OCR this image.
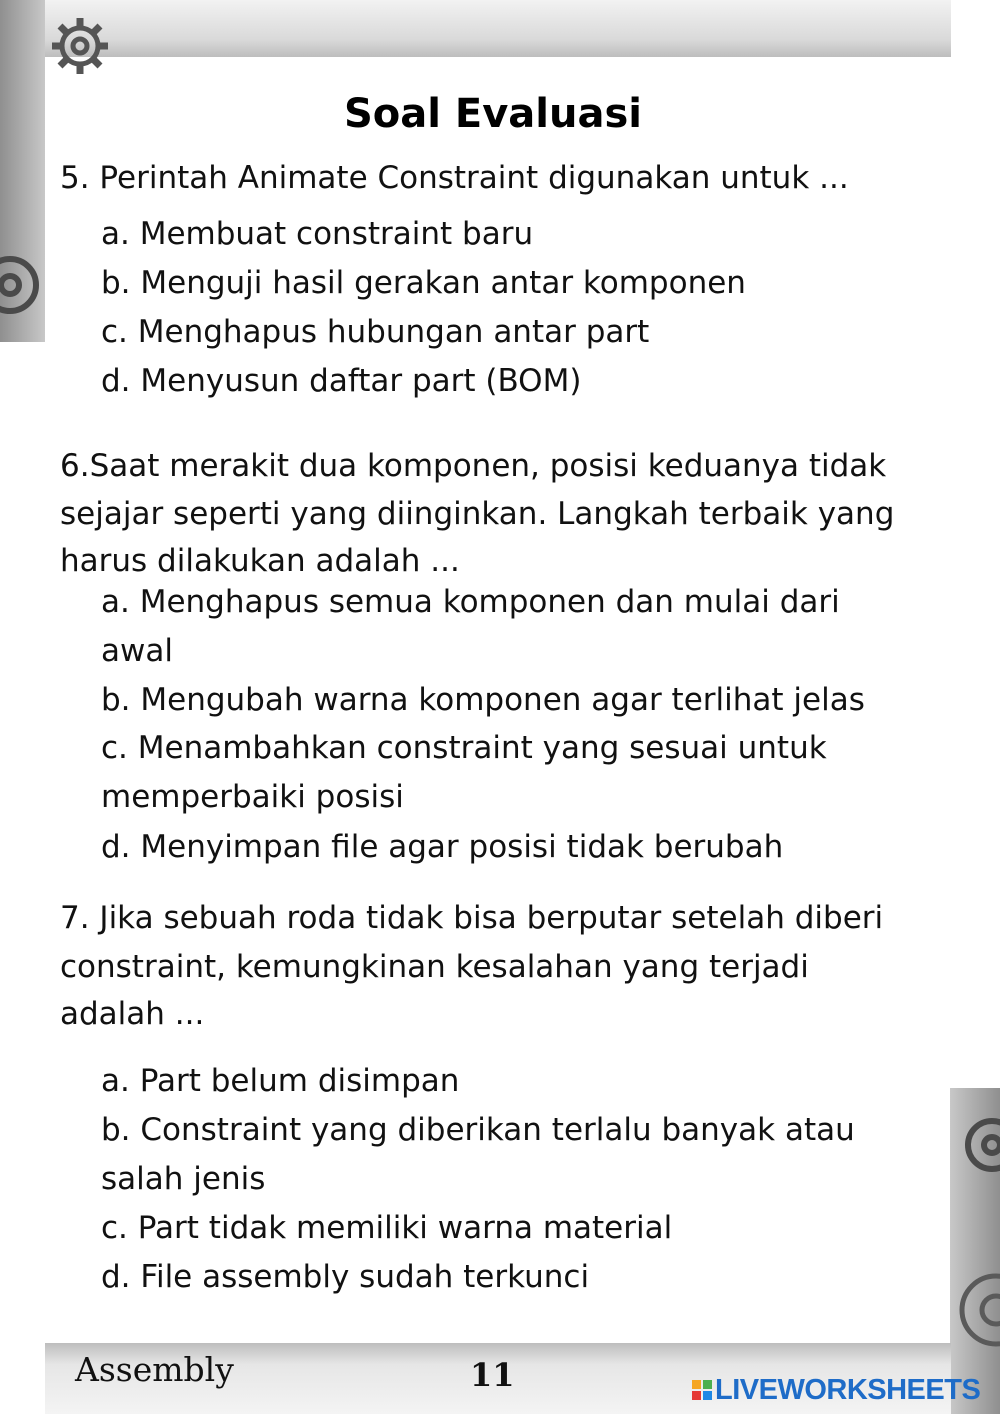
Soal Evaluasi
5. Perintah Animate Constraint digunakan untuk ...
a. Membuat constraint baru
b. Menguji hasil gerakan antar komponen
c. Menghapus hubungan antar part
d. Menyusun daftar part (BOM)
6.Saat merakit dua komponen, posisi keduanya tidak
sejajar seperti yang diinginkan. Langkah terbaik yang
harus dilakukan adalah ...
a. Menghapus semua komponen dan mulai dari
awal
b. Mengubah warna komponen agar terlihat jelas
c. Menambahkan constraint yang sesuai untuk
memperbaiki posisi
d. Menyimpan file agar posisi tidak berubah
7. Jika sebuah roda tidak bisa berputar setelah diberi
constraint, kemungkinan kesalahan yang terjadi
adalah ...
a. Part belum disimpan
b. Constraint yang diberikan terlalu banyak atau
salah jenis
c. Part tidak memiliki warna material
d. File assembly sudah terkunci
Assembly	11	LIVEWORKSHEETS
